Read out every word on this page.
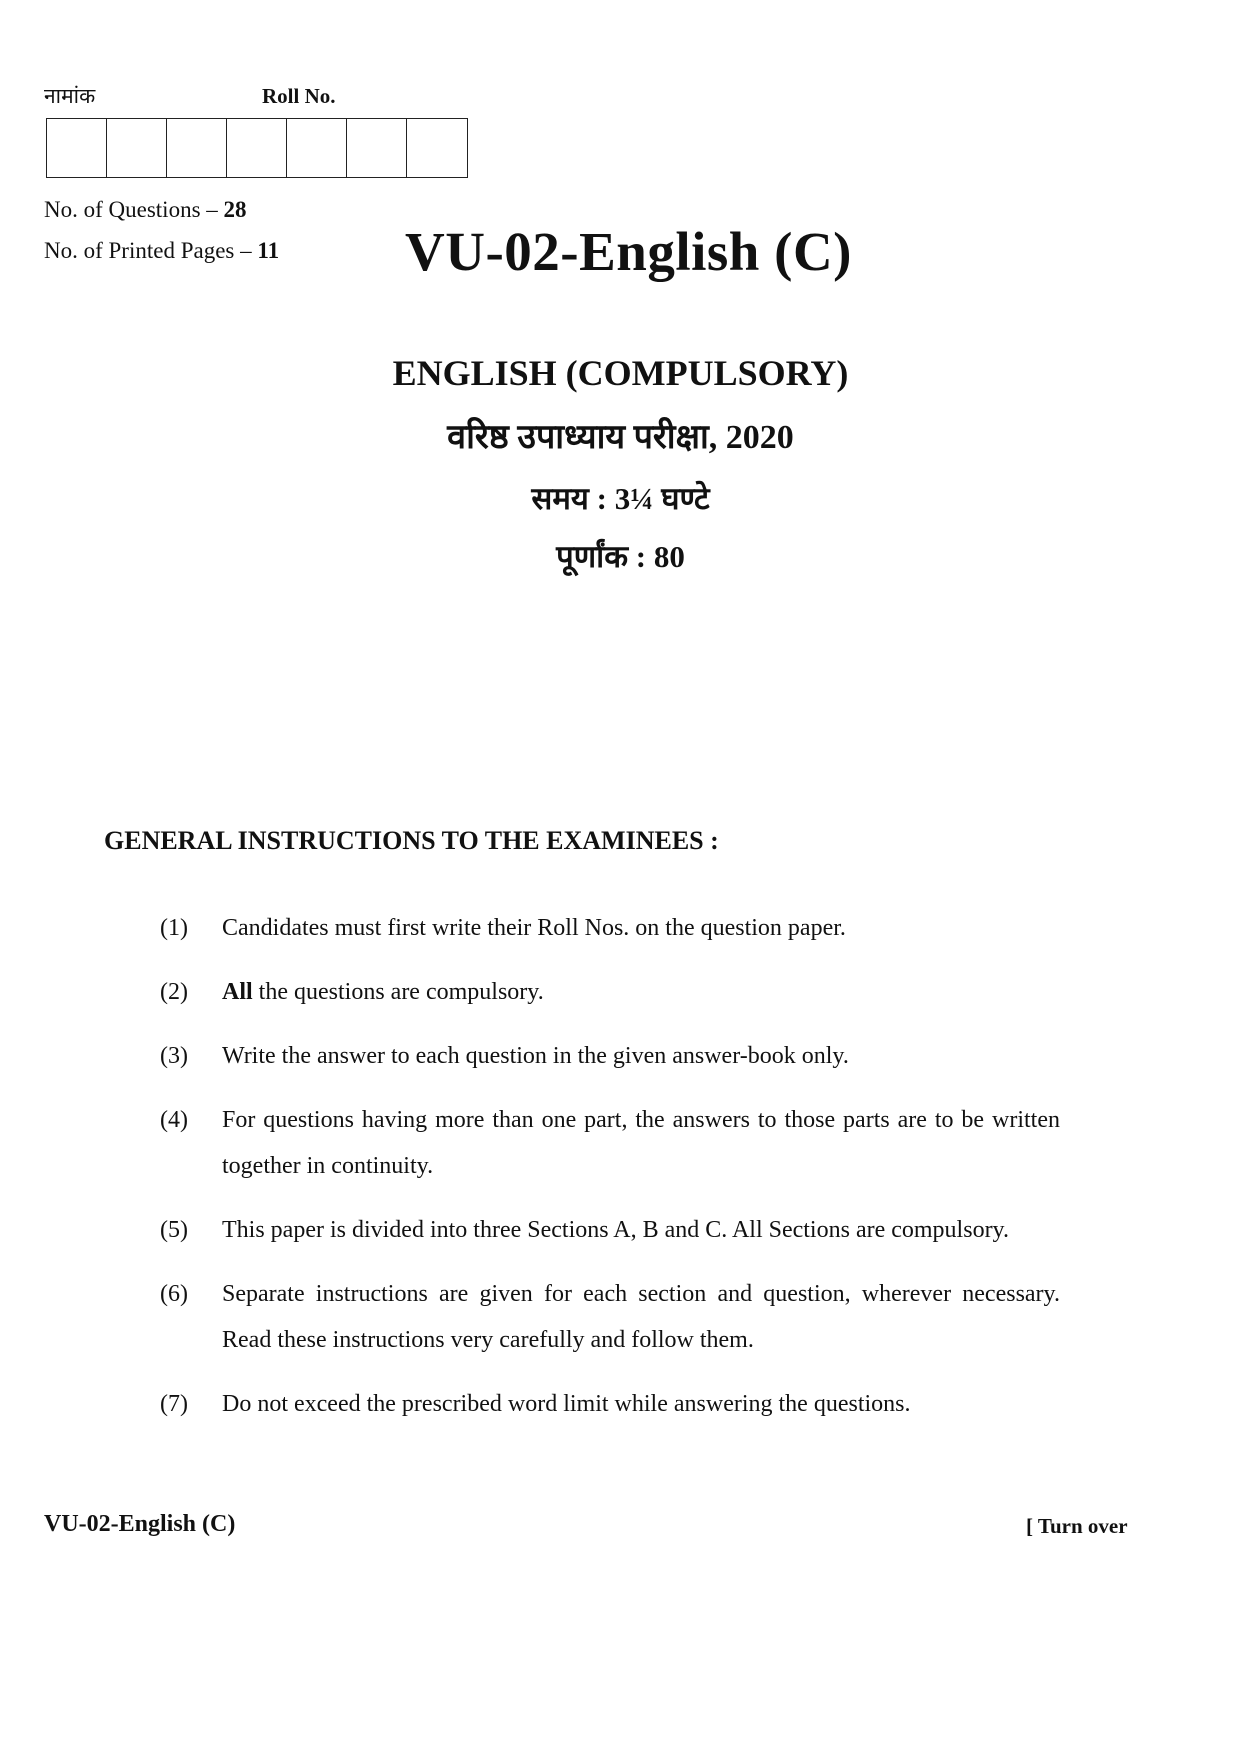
नामांक	Roll No.
No. of Questions – 28
No. of Printed Pages – 11 VU-02-English (C)
ENGLISH (COMPULSORY)
वरिष्ठ उपाध्याय परीक्षा, 2020
समय : 3¼ घण्टे
पूर्णांक : 80
GENERAL INSTRUCTIONS TO THE EXAMINEES :
(1)	Candidates must first write their Roll Nos. on the question paper.
(2)	All the questions are compulsory.
(3)	Write the answer to each question in the given answer-book only.
(4)	For questions having more than one part, the answers to those parts are to be written together in continuity.
(5)	This paper is divided into three Sections A, B and C. All Sections are compulsory.
(6)	Separate instructions are given for each section and question, wherever necessary. Read these instructions very carefully and follow them.
(7)	Do not exceed the prescribed word limit while answering the questions.
VU-02-English (C)	[ Turn over
